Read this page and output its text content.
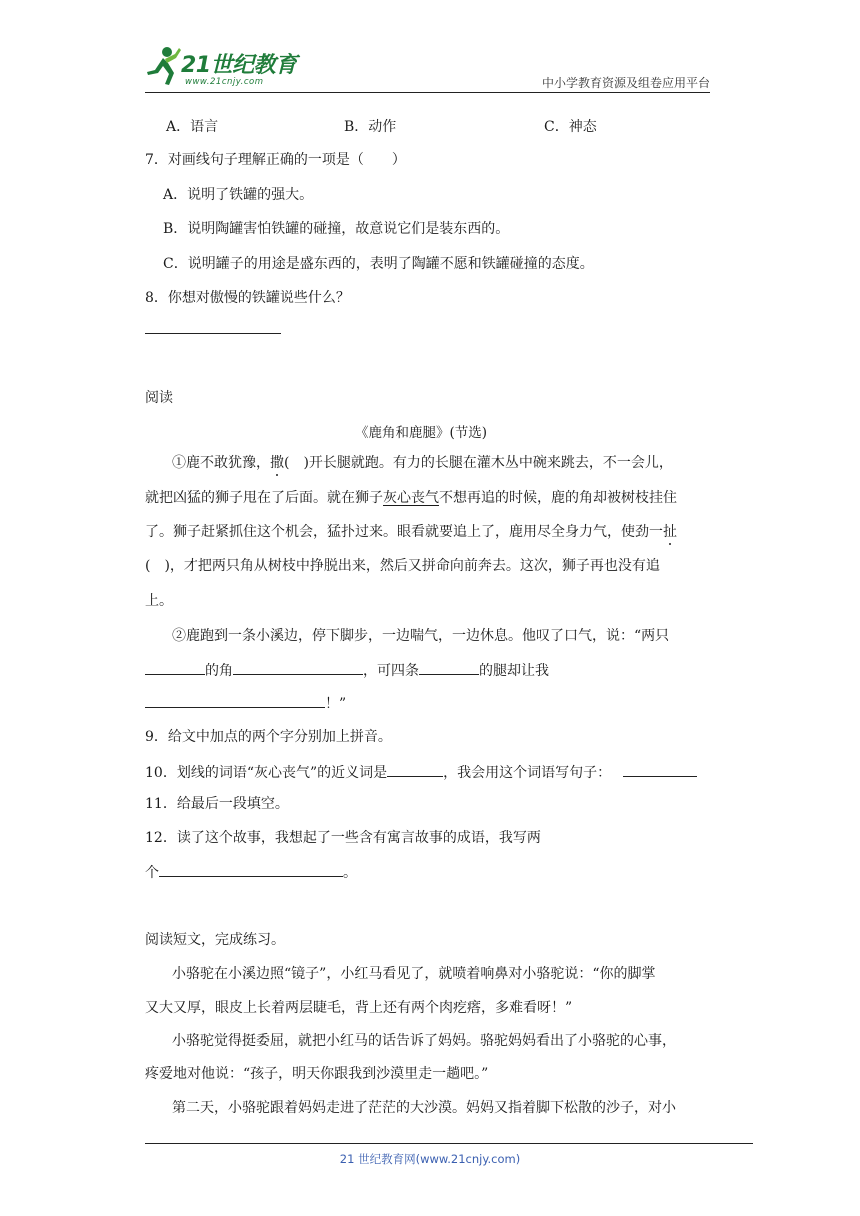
21世纪教育
www.21cnjy.com	中小学教育资源及组卷应用平台
A．语言	B．动作	C．神态
7．对画线句子理解正确的一项是（　　）
A．说明了铁罐的强大。
B．说明陶罐害怕铁罐的碰撞，故意说它们是装东西的。
C．说明罐子的用途是盛东西的，表明了陶罐不愿和铁罐碰撞的态度。
8．你想对傲慢的铁罐说些什么？
阅读
《鹿角和鹿腿》(节选)
①鹿不敢犹豫，撒(　)开长腿就跑。有力的长腿在灌木丛中碗来跳去，不一会儿，
就把凶猛的狮子甩在了后面。就在狮子灰心丧气不想再追的时候，鹿的角却被树枝挂住
了。狮子赶紧抓住这个机会，猛扑过来。眼看就要追上了，鹿用尽全身力气，使劲一扯
(　)，才把两只角从树枝中挣脱出来，然后又拼命向前奔去。这次，狮子再也没有追
上。
②鹿跑到一条小溪边，停下脚步，一边喘气，一边休息。他叹了口气，说：“两只
的角	，可四条	的腿却让我
！”
9．给文中加点的两个字分别加上拼音。
10．划线的词语“灰心丧气”的近义词是	，我会用这个词语写句子：
11．给最后一段填空。
12．读了这个故事，我想起了一些含有寓言故事的成语，我写两
个	。
阅读短文，完成练习。
小骆驼在小溪边照“镜子”，小红马看见了，就喷着响鼻对小骆驼说：“你的脚掌
又大又厚，眼皮上长着两层睫毛，背上还有两个肉疙瘩，多难看呀！”
小骆驼觉得挺委屈，就把小红马的话告诉了妈妈。骆驼妈妈看出了小骆驼的心事，
疼爱地对他说：“孩子，明天你跟我到沙漠里走一趟吧。”
第二天，小骆驼跟着妈妈走进了茫茫的大沙漠。妈妈又指着脚下松散的沙子，对小
21 世纪教育网(www.21cnjy.com)
